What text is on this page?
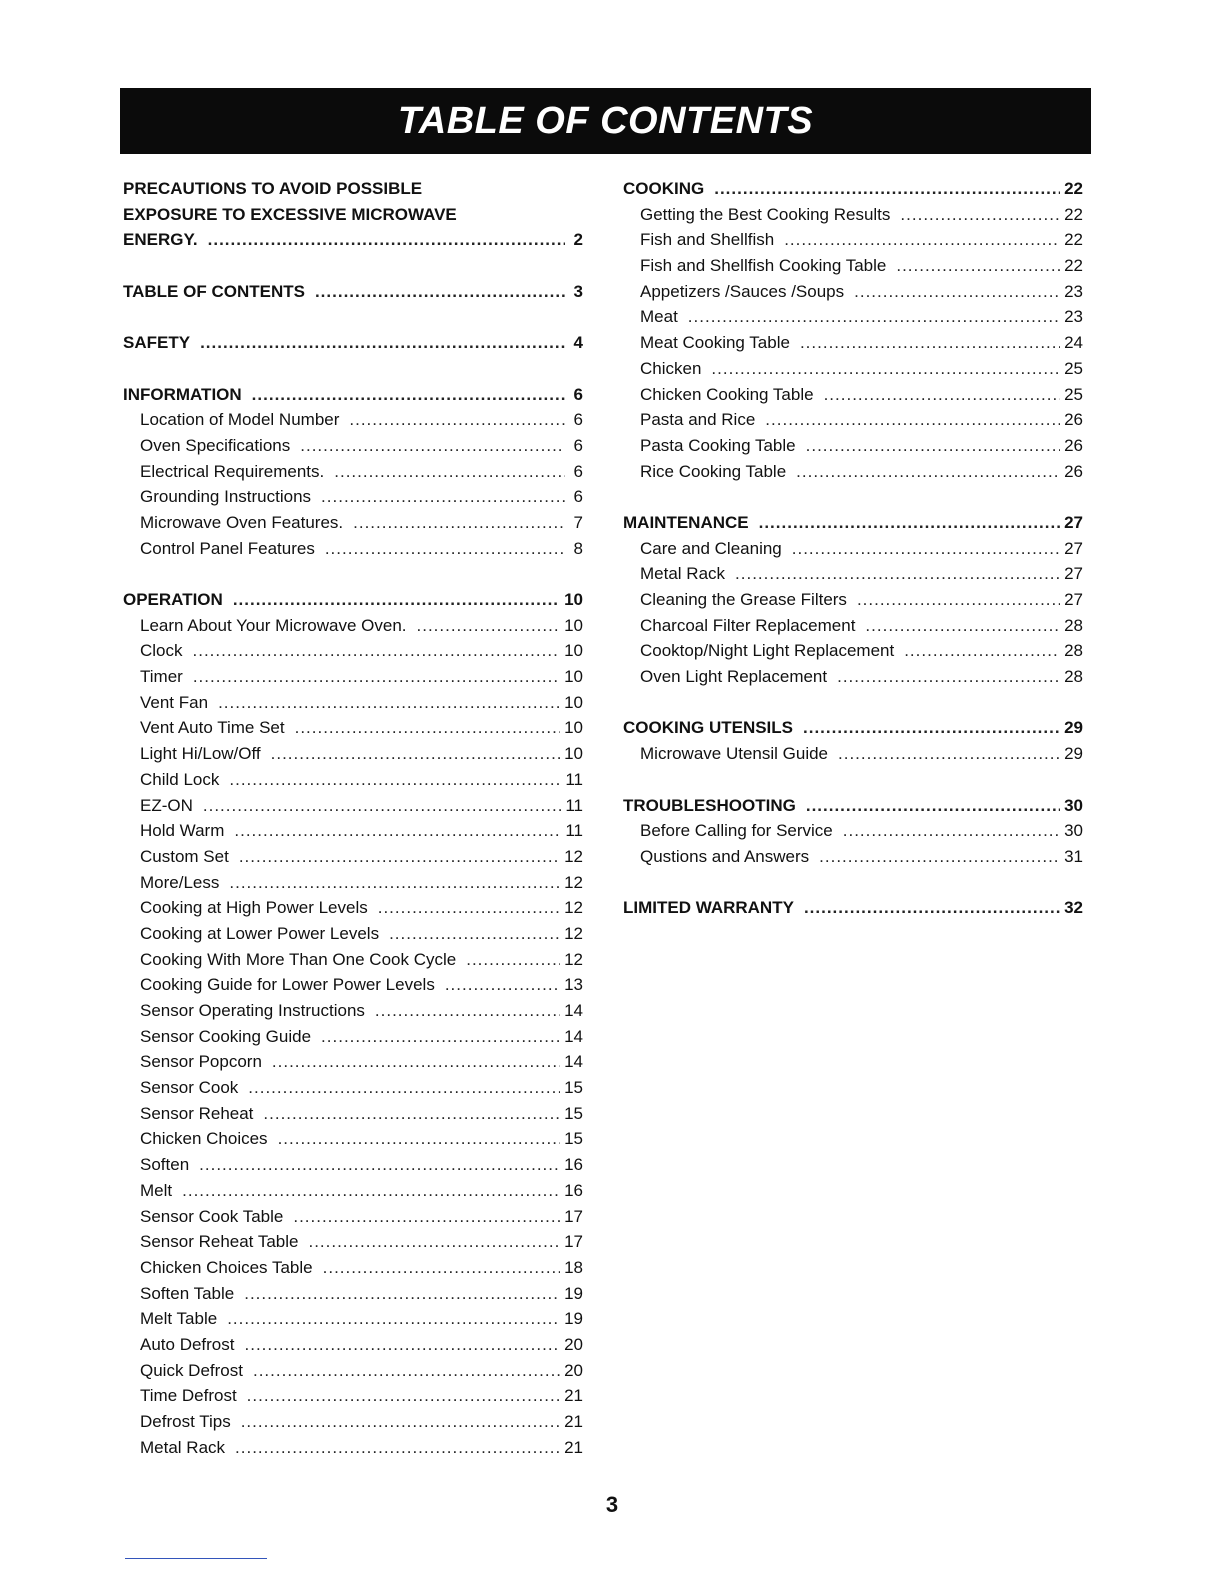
TABLE OF CONTENTS
PRECAUTIONS TO AVOID POSSIBLE
EXPOSURE TO EXCESSIVE MICROWAVE
ENERGY. .....	2
TABLE OF CONTENTS .....	3
SAFETY .....	4
INFORMATION .....	6
Location of Model Number .....	6
Oven Specifications .....	6
Electrical Requirements. .....	6
Grounding Instructions .....	6
Microwave Oven Features. .....	7
Control Panel Features .....	8
OPERATION .....	10
Learn About Your Microwave Oven. .....	10
Clock .....	10
Timer .....	10
Vent Fan .....	10
Vent Auto Time Set .....	10
Light Hi/Low/Off .....	10
Child Lock .....	11
EZ-ON .....	11
Hold Warm .....	11
Custom Set .....	12
More/Less .....	12
Cooking at High Power Levels .....	12
Cooking at Lower Power Levels .....	12
Cooking With More Than One Cook Cycle .....	12
Cooking Guide for Lower Power Levels .....	13
Sensor Operating Instructions .....	14
Sensor Cooking Guide .....	14
Sensor Popcorn .....	14
Sensor Cook .....	15
Sensor Reheat .....	15
Chicken Choices .....	15
Soften .....	16
Melt .....	16
Sensor Cook Table .....	17
Sensor Reheat Table .....	17
Chicken Choices Table .....	18
Soften Table .....	19
Melt Table .....	19
Auto Defrost .....	20
Quick Defrost .....	20
Time Defrost .....	21
Defrost Tips .....	21
Metal Rack .....	21
COOKING .....	22
Getting the Best Cooking Results .....	22
Fish and Shellfish .....	22
Fish and Shellfish Cooking Table .....	22
Appetizers /Sauces /Soups .....	23
Meat .....	23
Meat Cooking Table .....	24
Chicken .....	25
Chicken Cooking Table .....	25
Pasta and Rice .....	26
Pasta Cooking Table .....	26
Rice Cooking Table .....	26
MAINTENANCE .....	27
Care and Cleaning .....	27
Metal Rack .....	27
Cleaning the Grease Filters .....	27
Charcoal Filter Replacement .....	28
Cooktop/Night Light Replacement .....	28
Oven Light Replacement .....	28
COOKING UTENSILS .....	29
Microwave Utensil Guide .....	29
TROUBLESHOOTING .....	30
Before Calling for Service .....	30
Qustions and Answers .....	31
LIMITED WARRANTY .....	32
3
